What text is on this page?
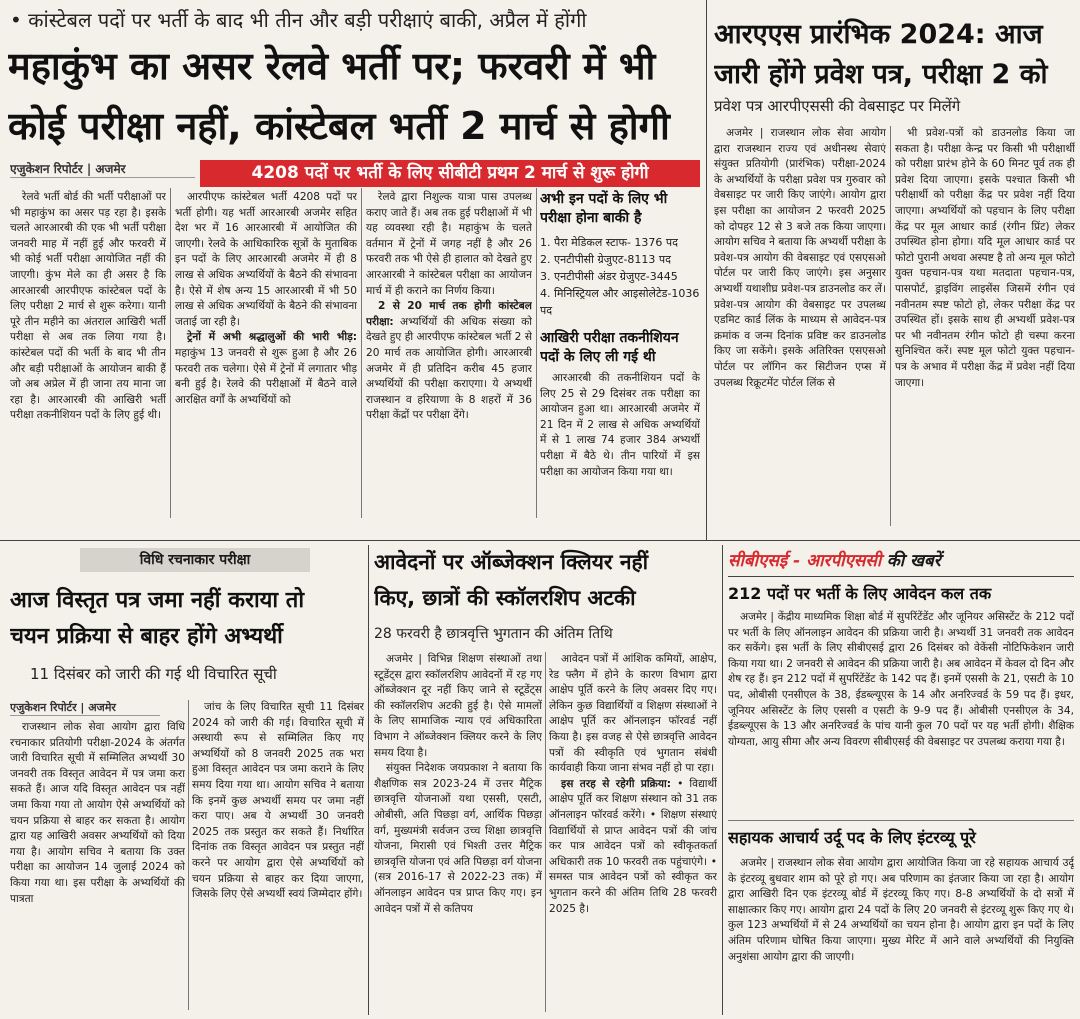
• कांस्टेबल पदों पर भर्ती के बाद भी तीन और बड़ी परीक्षाएं बाकी, अप्रैल में होंगी
महाकुंभ का असर रेलवे भर्ती पर; फरवरी में भी
कोई परीक्षा नहीं, कांस्टेबल भर्ती 2 मार्च से होगी
एजुकेशन रिपोर्टर | अजमेर	4208 पदों पर भर्ती के लिए सीबीटी प्रथम 2 मार्च से शुरू होगी

रेलवे भर्ती बोर्ड की भर्ती परीक्षाओं पर भी महाकुंभ का असर पड़ रहा है। इसके चलते आरआरबी की एक भी भर्ती परीक्षा जनवरी माह में नहीं हुई और फरवरी में भी कोई भर्ती परीक्षा आयोजित नहीं की जाएगी। कुंभ मेले का ही असर है कि आरआरबी आरपीएफ कांस्टेबल पदों के लिए परीक्षा 2 मार्च से शुरू करेगा। यानी पूरे तीन महीने का अंतराल आखिरी भर्ती परीक्षा से अब तक लिया गया है। कांस्टेबल पदों की भर्ती के बाद भी तीन और बड़ी परीक्षाओं के आयोजन बाकी हैं जो अब अप्रेल में ही जाना तय माना जा रहा है। आरआरबी की आखिरी भर्ती परीक्षा तकनीशियन पदों के लिए हुई थी।

आरपीएफ कांस्टेबल भर्ती 4208 पदों पर भर्ती होगी। यह भर्ती आरआरबी अजमेर सहित देश भर में 16 आरआरबी में आयोजित की जाएगी। रेलवे के आधिकारिक सूत्रों के मुताबिक इन पदों के लिए आरआरबी अजमेर में ही 8 लाख से अधिक अभ्यर्थियों के बैठने की संभावना है। ऐसे में शेष अन्य 15 आरआरबी में भी 50 लाख से अधिक अभ्यर्थियों के बैठने की संभावना जताई जा रही है।

ट्रेनों में अभी श्रद्धालुओं की भारी भीड़: महाकुंभ 13 जनवरी से शुरू हुआ है और 26 फरवरी तक चलेगा। ऐसे में ट्रेनों में लगातार भीड़ बनी हुई है। रेलवे की परीक्षाओं में बैठने वाले आरक्षित वर्गों के अभ्यर्थियों को

रेलवे द्वारा निशुल्क यात्रा पास उपलब्ध कराए जाते हैं। अब तक हुई परीक्षाओं में भी यह व्यवस्था रही है। महाकुंभ के चलते वर्तमान में ट्रेनों में जगह नहीं है और 26 फरवरी तक भी ऐसे ही हालात को देखते हुए आरआरबी ने कांस्टेबल परीक्षा का आयोजन मार्च में ही कराने का निर्णय किया।

2 से 20 मार्च तक होगी कांस्टेबल परीक्षा: अभ्यर्थियों की अधिक संख्या को देखते हुए ही आरपीएफ कांस्टेबल भर्ती 2 से 20 मार्च तक आयोजित होगी। आरआरबी अजमेर में ही प्रतिदिन करीब 45 हजार अभ्यर्थियों की परीक्षा कराएगा। ये अभ्यर्थी राजस्थान व हरियाणा के 8 शहरों में 36 परीक्षा केंद्रों पर परीक्षा देंगे।

अभी इन पदों के लिए भी परीक्षा होना बाकी है
1. पैरा मेडिकल स्टाफ- 1376 पद
2. एनटीपीसी ग्रेजुएट-8113 पद
3. एनटीपीसी अंडर ग्रेजुएट-3445
4. मिनिस्ट्रियल और आइसोलेटेड-1036 पद
आखिरी परीक्षा तकनीशियन पदों के लिए ली गई थी

आरआरबी की तकनीशियन पदों के लिए 25 से 29 दिसंबर तक परीक्षा का आयोजन हुआ था। आरआरबी अजमेर में 21 दिन में 2 लाख से अधिक अभ्यर्थियों में से 1 लाख 74 हजार 384 अभ्यर्थी परीक्षा में बैठे थे। तीन पारियों में इस परीक्षा का आयोजन किया गया था।

आरएएस प्रारंभिक 2024: आज
जारी होंगे प्रवेश पत्र, परीक्षा 2 को
प्रवेश पत्र आरपीएससी की वेबसाइट पर मिलेंगे

अजमेर | राजस्थान लोक सेवा आयोग द्वारा राजस्थान राज्य एवं अधीनस्थ सेवाएं संयुक्त प्रतियोगी (प्रारंभिक) परीक्षा-2024 के अभ्यर्थियों के परीक्षा प्रवेश पत्र गुरुवार को वेबसाइट पर जारी किए जाएंगे। आयोग द्वारा इस परीक्षा का आयोजन 2 फरवरी 2025 को दोपहर 12 से 3 बजे तक किया जाएगा। आयोग सचिव ने बताया कि अभ्यर्थी परीक्षा के प्रवेश-पत्र आयोग की वेबसाइट एवं एसएसओ पोर्टल पर जारी किए जाएंगे। इस अनुसार अभ्यर्थी यथाशीघ्र प्रवेश-पत्र डाउनलोड कर लें। प्रवेश-पत्र आयोग की वेबसाइट पर उपलब्ध एडमिट कार्ड लिंक के माध्यम से आवेदन-पत्र क्रमांक व जन्म दिनांक प्रविष्ट कर डाउनलोड किए जा सकेंगे। इसके अतिरिक्त एसएसओ पोर्टल पर लॉगिन कर सिटीजन एप्स में उपलब्ध रिक्रूटमेंट पोर्टल लिंक से

भी प्रवेश-पत्रों को डाउनलोड किया जा सकता है। परीक्षा केन्द्र पर किसी भी परीक्षार्थी को परीक्षा प्रारंभ होने के 60 मिनट पूर्व तक ही प्रवेश दिया जाएगा। इसके पश्चात किसी भी परीक्षार्थी को परीक्षा केंद्र पर प्रवेश नहीं दिया जाएगा। अभ्यर्थियों को पहचान के लिए परीक्षा केंद्र पर मूल आधार कार्ड (रंगीन प्रिंट) लेकर उपस्थित होना होगा। यदि मूल आधार कार्ड पर फोटो पुरानी अथवा अस्पष्ट है तो अन्य मूल फोटो युक्त पहचान-पत्र यथा मतदाता पहचान-पत्र, पासपोर्ट, ड्राइविंग लाइसेंस जिसमें रंगीन एवं नवीनतम स्पष्ट फोटो हो, लेकर परीक्षा केंद्र पर उपस्थित हों। इसके साथ ही अभ्यर्थी प्रवेश-पत्र पर भी नवीनतम रंगीन फोटो ही चस्पा करना सुनिश्चित करें। स्पष्ट मूल फोटो युक्त पहचान-पत्र के अभाव में परीक्षा केंद्र में प्रवेश नहीं दिया जाएगा।

विधि रचनाकार परीक्षा
आज विस्तृत पत्र जमा नहीं कराया तो
चयन प्रक्रिया से बाहर होंगे अभ्यर्थी
11 दिसंबर को जारी की गई थी विचारित सूची
एजुकेशन रिपोर्टर | अजमेर

राजस्थान लोक सेवा आयोग द्वारा विधि रचनाकार प्रतियोगी परीक्षा-2024 के अंतर्गत जारी विचारित सूची में सम्मिलित अभ्यर्थी 30 जनवरी तक विस्तृत आवेदन में पत्र जमा करा सकते हैं। आज यदि विस्तृत आवेदन पत्र नहीं जमा किया गया तो आयोग ऐसे अभ्यर्थियों को चयन प्रक्रिया से बाहर कर सकता है। आयोग द्वारा यह आखिरी अवसर अभ्यर्थियों को दिया गया है। आयोग सचिव ने बताया कि उक्त परीक्षा का आयोजन 14 जुलाई 2024 को किया गया था। इस परीक्षा के अभ्यर्थियों की पात्रता

जांच के लिए विचारित सूची 11 दिसंबर 2024 को जारी की गई। विचारित सूची में अस्थायी रूप से सम्मिलित किए गए अभ्यर्थियों को 8 जनवरी 2025 तक भरा हुआ विस्तृत आवेदन पत्र जमा कराने के लिए समय दिया गया था। आयोग सचिव ने बताया कि इनमें कुछ अभ्यर्थी समय पर जमा नहीं करा पाए। अब ये अभ्यर्थी 30 जनवरी 2025 तक प्रस्तुत कर सकते हैं। निर्धारित दिनांक तक विस्तृत आवेदन पत्र प्रस्तुत नहीं करने पर आयोग द्वारा ऐसे अभ्यर्थियों को चयन प्रक्रिया से बाहर कर दिया जाएगा, जिसके लिए ऐसे अभ्यर्थी स्वयं जिम्मेदार होंगे।

आवेदनों पर ऑब्जेक्शन क्लियर नहीं
किए, छात्रों की स्कॉलरशिप अटकी
28 फरवरी है छात्रवृत्ति भुगतान की अंतिम तिथि

अजमेर | विभिन्न शिक्षण संस्थाओं तथा स्टूडेंट्स द्वारा स्कॉलरशिप आवेदनों में रह गए ऑब्जेक्शन दूर नहीं किए जाने से स्टूडेंट्स की स्कॉलरशिप अटकी हुई है। ऐसे मामलों के लिए सामाजिक न्याय एवं अधिकारिता विभाग ने ऑब्जेक्शन क्लियर करने के लिए समय दिया है।

संयुक्त निदेशक जयप्रकाश ने बताया कि शैक्षणिक सत्र 2023-24 में उत्तर मैट्रिक छात्रवृत्ति योजनाओं यथा एससी, एसटी, ओबीसी, अति पिछड़ा वर्ग, आर्थिक पिछड़ा वर्ग, मुख्यमंत्री सर्वजन उच्च शिक्षा छात्रवृत्ति योजना, मिरासी एवं भिश्ती उत्तर मैट्रिक छात्रवृत्ति योजना एवं अति पिछड़ा वर्ग योजना (सत्र 2016-17 से 2022-23 तक) में ऑनलाइन आवेदन पत्र प्राप्त किए गए। इन आवेदन पत्रों में से कतिपय

आवेदन पत्रों में आंशिक कमियों, आक्षेप, रेड फ्लैग में होने के कारण विभाग द्वारा आक्षेप पूर्ति करने के लिए अवसर दिए गए। लेकिन कुछ विद्यार्थियों व शिक्षण संस्थाओं ने आक्षेप पूर्ति कर ऑनलाइन फॉरवर्ड नहीं किया है। इस वजह से ऐसे छात्रवृत्ति आवेदन पत्रों की स्वीकृति एवं भुगतान संबंधी कार्यवाही किया जाना संभव नहीं हो पा रहा।

इस तरह से रहेगी प्रक्रिया: • विद्यार्थी आक्षेप पूर्ति कर शिक्षण संस्थान को 31 तक ऑनलाइन फॉरवर्ड करेंगे। • शिक्षण संस्थाएं विद्यार्थियों से प्राप्त आवेदन पत्रों की जांच कर पात्र आवेदन पत्रों को स्वीकृतकर्ता अधिकारी तक 10 फरवरी तक पहुंचाएंगे। • समस्त पात्र आवेदन पत्रों को स्वीकृत कर भुगतान करने की अंतिम तिथि 28 फरवरी 2025 है।

सीबीएसई - आरपीएससी की खबरें
212 पदों पर भर्ती के लिए आवेदन कल तक

अजमेर | केंद्रीय माध्यमिक शिक्षा बोर्ड में सुपरिंटेंडेंट और जूनियर असिस्टेंट के 212 पदों पर भर्ती के लिए ऑनलाइन आवेदन की प्रक्रिया जारी है। अभ्यर्थी 31 जनवरी तक आवेदन कर सकेंगे। इस भर्ती के लिए सीबीएसई द्वारा 26 दिसंबर को वेकेंसी नोटिफिकेशन जारी किया गया था। 2 जनवरी से आवेदन की प्रक्रिया जारी है। अब आवेदन में केवल दो दिन और शेष रह हैं। इन 212 पदों में सुपरिंटेंडेंट के 142 पद हैं। इनमें एससी के 21, एसटी के 10 पद, ओबीसी एनसीएल के 38, ईडब्ल्यूएस के 14 और अनरिज्वर्ड के 59 पद हैं। इधर, जूनियर असिस्टेंट के लिए एससी व एसटी के 9-9 पद हैं। ओबीसी एनसीएल के 34, ईडब्ल्यूएस के 13 और अनरिज्वर्ड के पांच यानी कुल 70 पदों पर यह भर्ती होगी। शैक्षिक योग्यता, आयु सीमा और अन्य विवरण सीबीएसई की वेबसाइट पर उपलब्ध कराया गया है।

सहायक आचार्य उर्दू पद के लिए इंटरव्यू पूरे

अजमेर | राजस्थान लोक सेवा आयोग द्वारा आयोजित किया जा रहे सहायक आचार्य उर्दू के इंटरव्यू बुधवार शाम को पूरे हो गए। अब परिणाम का इंतजार किया जा रहा है। आयोग द्वारा आखिरी दिन एक इंटरव्यू बोर्ड में इंटरव्यू किए गए। 8-8 अभ्यर्थियों के दो सत्रों में साक्षात्कार किए गए। आयोग द्वारा 24 पदों के लिए 20 जनवरी से इंटरव्यू शुरू किए गए थे। कुल 123 अभ्यर्थियों में से 24 अभ्यर्थियों का चयन होना है। आयोग द्वारा इन पदों के लिए अंतिम परिणाम घोषित किया जाएगा। मुख्य मेरिट में आने वाले अभ्यर्थियों की नियुक्ति अनुशंसा आयोग द्वारा की जाएगी।
